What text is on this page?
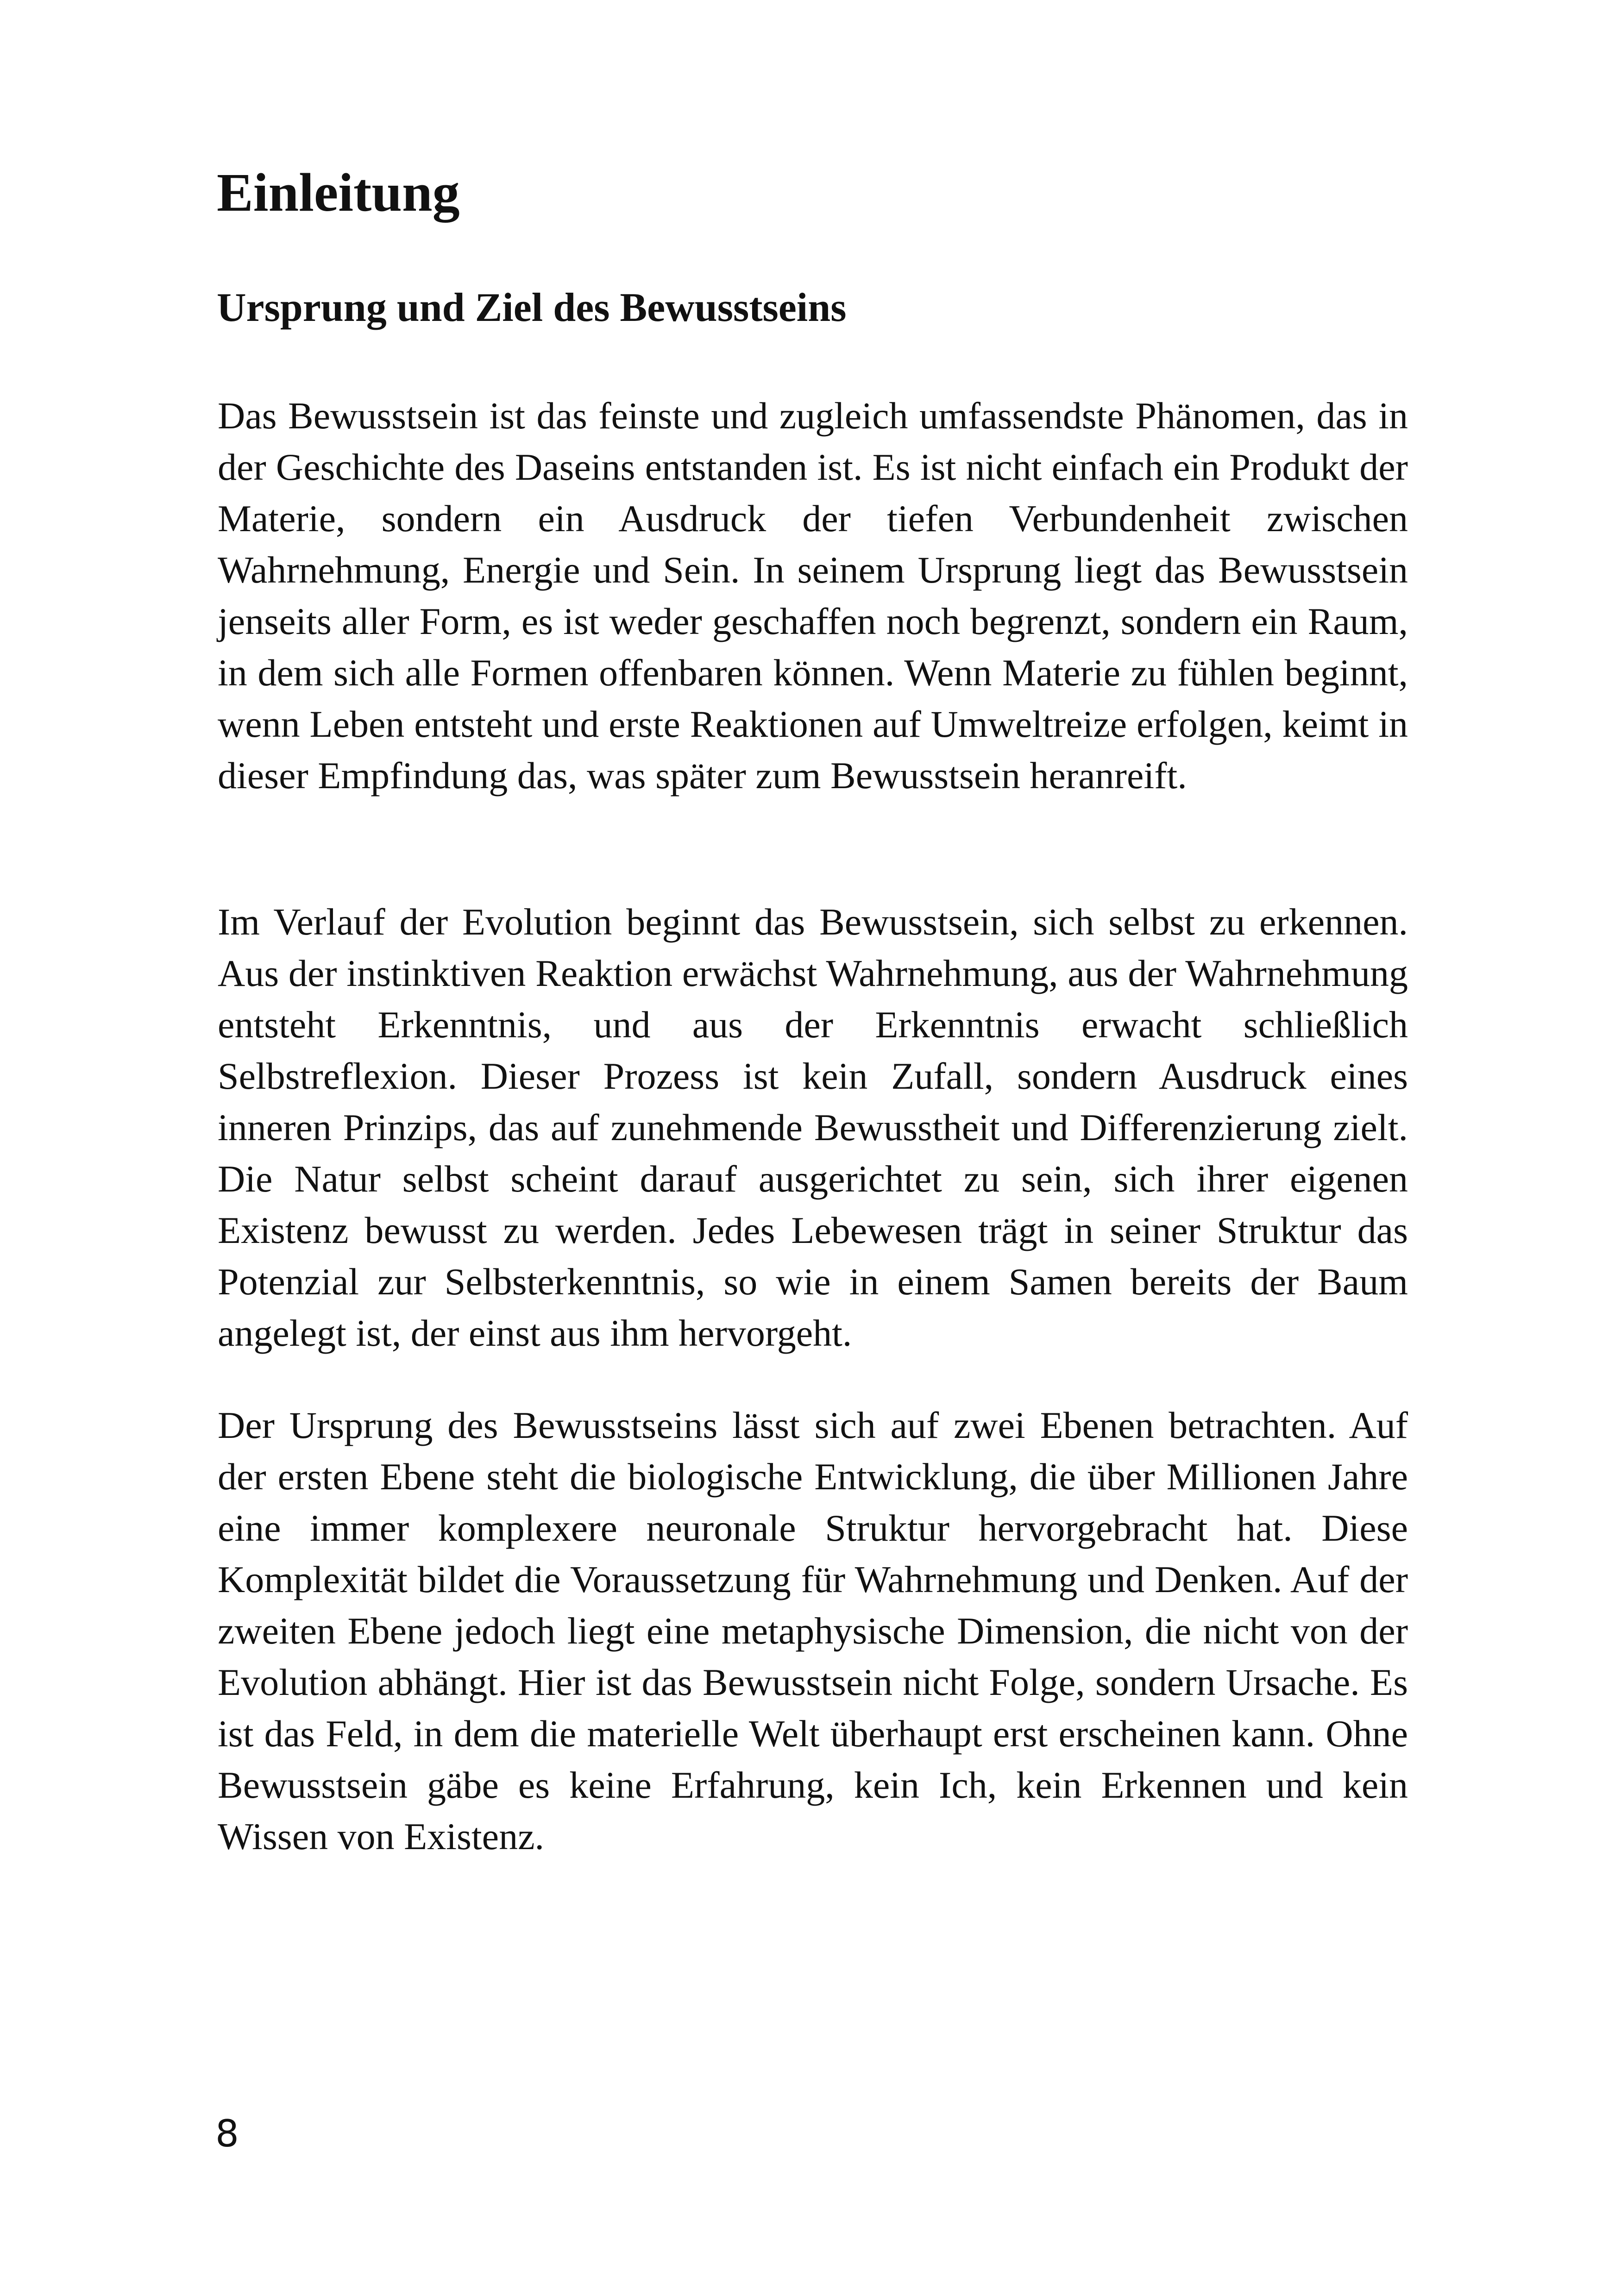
Einleitung
Ursprung und Ziel des Bewusstseins

Das Bewusstsein ist das feinste und zugleich umfassendste Phänomen, das in der Geschichte des Daseins entstanden ist. Es ist nicht einfach ein Produkt der Materie, sondern ein Ausdruck der tiefen Verbundenheit zwischen Wahrnehmung, Energie und Sein. In seinem Ursprung liegt das Bewusstsein jenseits aller Form, es ist weder geschaffen noch begrenzt, sondern ein Raum, in dem sich alle Formen offenbaren können. Wenn Materie zu fühlen beginnt, wenn Leben entsteht und erste Reaktionen auf Umweltreize erfolgen, keimt in dieser Empfindung das, was später zum Bewusstsein heranreift.

Im Verlauf der Evolution beginnt das Bewusstsein, sich selbst zu erkennen. Aus der instinktiven Reaktion erwächst Wahrnehmung, aus der Wahrnehmung entsteht Erkenntnis, und aus der Erkenntnis erwacht schließlich Selbstreflexion. Dieser Prozess ist kein Zufall, sondern Ausdruck eines inneren Prinzips, das auf zunehmende Bewusstheit und Differenzierung zielt. Die Natur selbst scheint darauf ausgerichtet zu sein, sich ihrer eigenen Existenz bewusst zu werden. Jedes Lebewesen trägt in seiner Struktur das Potenzial zur Selbsterkenntnis, so wie in einem Samen bereits der Baum angelegt ist, der einst aus ihm hervorgeht.

Der Ursprung des Bewusstseins lässt sich auf zwei Ebenen betrachten. Auf der ersten Ebene steht die biologische Entwicklung, die über Millionen Jahre eine immer komplexere neuronale Struktur hervorgebracht hat. Diese Komplexität bildet die Voraussetzung für Wahrnehmung und Denken. Auf der zweiten Ebene jedoch liegt eine metaphysische Dimension, die nicht von der Evolution abhängt. Hier ist das Bewusstsein nicht Folge, sondern Ursache. Es ist das Feld, in dem die materielle Welt überhaupt erst erscheinen kann. Ohne Bewusstsein gäbe es keine Erfahrung, kein Ich, kein Erkennen und kein Wissen von Existenz.

8
